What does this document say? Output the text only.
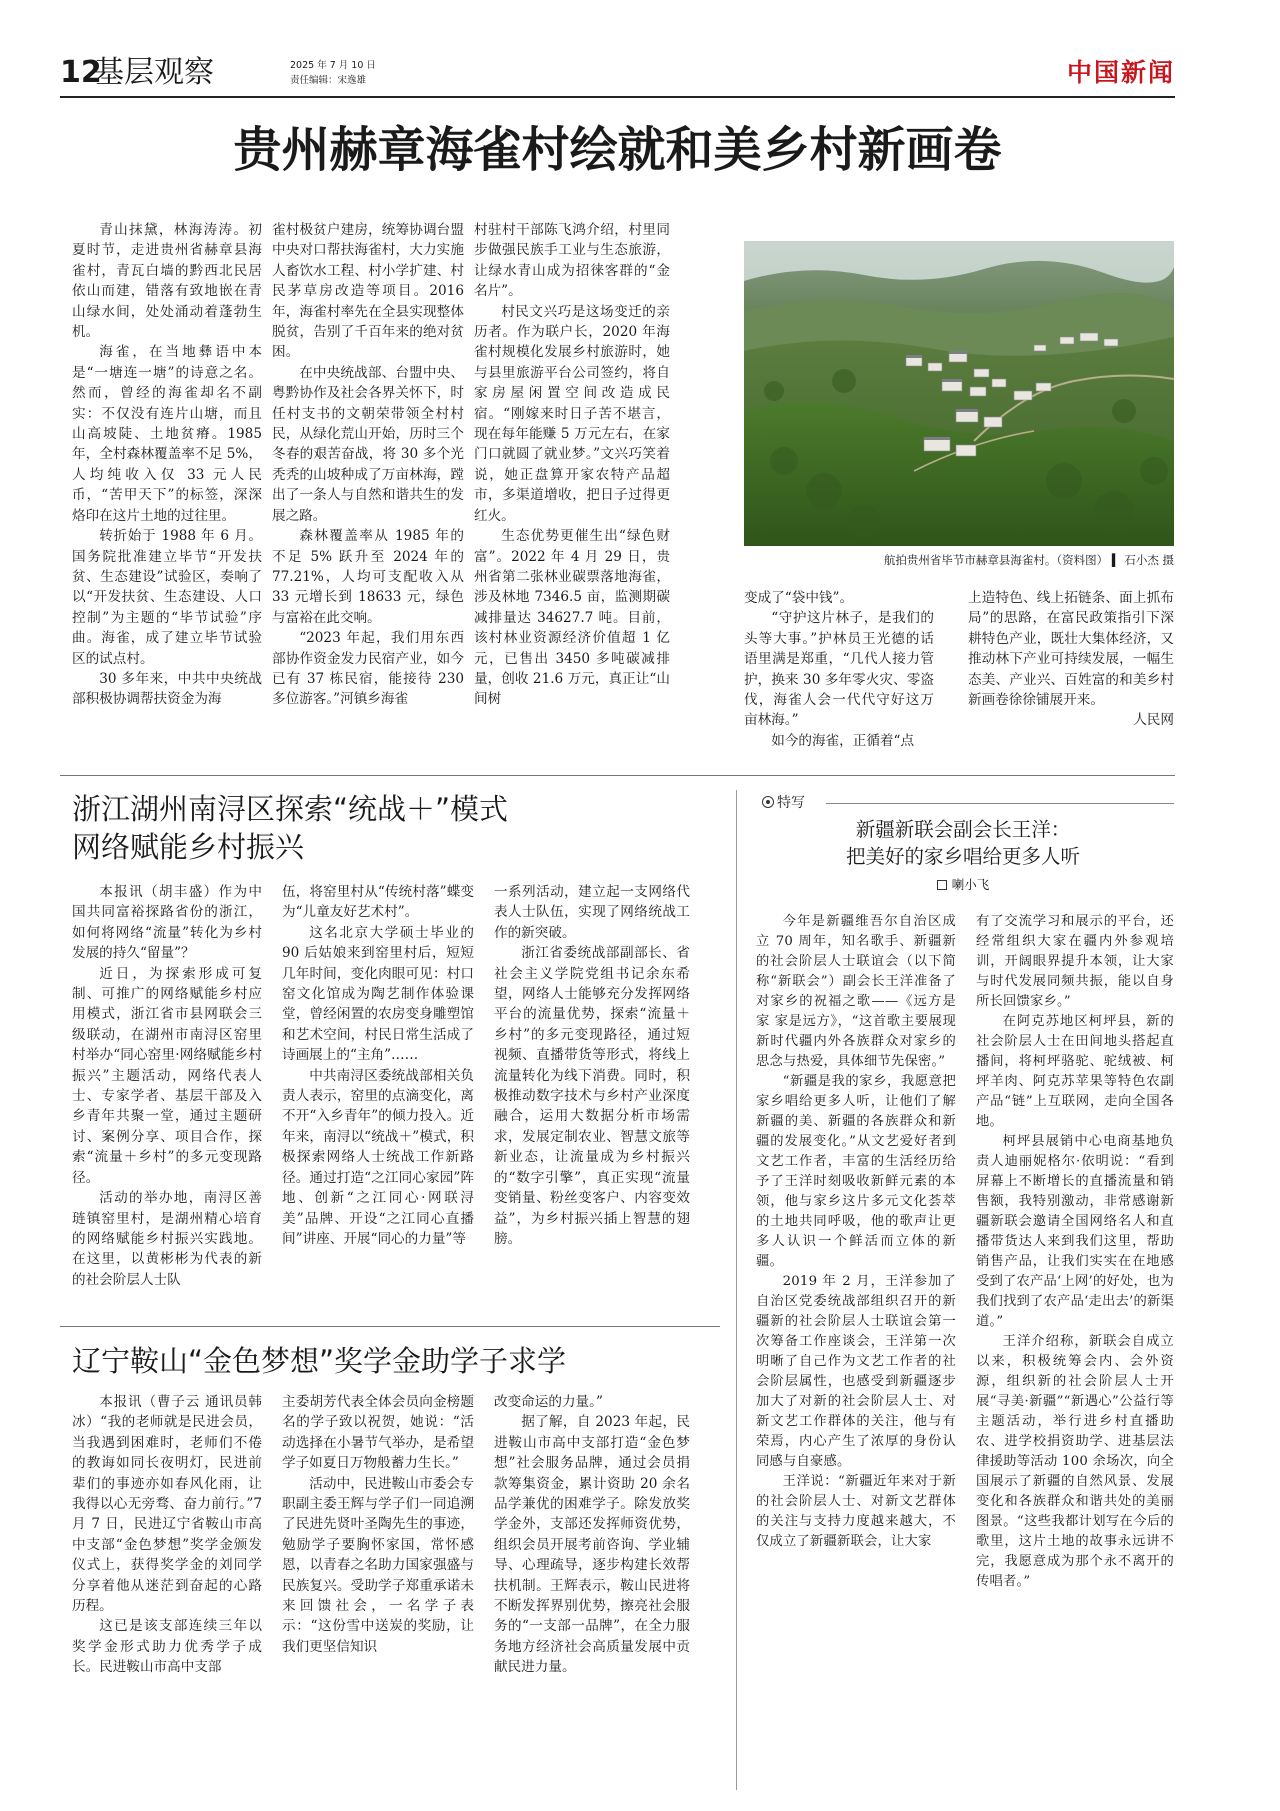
12
基层观察	2025 年 7 月 10 日
责任编辑：宋逸雄	中国新闻
贵州赫章海雀村绘就和美乡村新画卷

青山抹黛，林海涛涛。初夏时节，走进贵州省赫章县海雀村，青瓦白墙的黔西北民居依山而建，错落有致地嵌在青山绿水间，处处涌动着蓬勃生机。

海雀，在当地彝语中本是“一塘连一塘”的诗意之名。然而，曾经的海雀却名不副实：不仅没有连片山塘，而且山高坡陡、土地贫瘠。1985 年，全村森林覆盖率不足 5%，人均纯收入仅 33 元人民币，“苦甲天下”的标签，深深烙印在这片土地的过往里。

转折始于 1988 年 6 月。国务院批准建立毕节“开发扶贫、生态建设”试验区，奏响了以“开发扶贫、生态建设、人口控制”为主题的“毕节试验”序曲。海雀，成了建立毕节试验区的试点村。

30 多年来，中共中央统战部积极协调帮扶资金为海

雀村极贫户建房，统筹协调台盟中央对口帮扶海雀村，大力实施人畜饮水工程、村小学扩建、村民茅草房改造等项目。2016 年，海雀村率先在全县实现整体脱贫，告别了千百年来的绝对贫困。

在中央统战部、台盟中央、粤黔协作及社会各界关怀下，时任村支书的文朝荣带领全村村民，从绿化荒山开始，历时三个冬春的艰苦奋战，将 30 多个光秃秃的山坡种成了万亩林海，蹚出了一条人与自然和谐共生的发展之路。

森林覆盖率从 1985 年的不足 5% 跃升至 2024 年的 77.21%，人均可支配收入从 33 元增长到 18633 元，绿色与富裕在此交响。

“2023 年起，我们用东西部协作资金发力民宿产业，如今已有 37 栋民宿，能接待 230 多位游客。”河镇乡海雀

村驻村干部陈飞鸿介绍，村里同步做强民族手工业与生态旅游，让绿水青山成为招徕客群的“金名片”。

村民文兴巧是这场变迁的亲历者。作为联户长，2020 年海雀村规模化发展乡村旅游时，她与县里旅游平台公司签约，将自家房屋闲置空间改造成民宿。“刚嫁来时日子苦不堪言，现在每年能赚 5 万元左右，在家门口就圆了就业梦。”文兴巧笑着说，她正盘算开家农特产品超市，多渠道增收，把日子过得更红火。

生态优势更催生出“绿色财富”。2022 年 4 月 29 日，贵州省第二张林业碳票落地海雀，涉及林地 7346.5 亩，监测期碳减排量达 34627.7 吨。目前，该村林业资源经济价值超 1 亿元，已售出 3450 多吨碳减排量，创收 21.6 万元，真正让“山间树

航拍贵州省毕节市赫章县海雀村。（资料图） ▍ 石小杰 摄

变成了“袋中钱”。

“守护这片林子，是我们的头等大事。”护林员王光德的话语里满是郑重，“几代人接力管护，换来 30 多年零火灾、零盗伐，海雀人会一代代守好这万亩林海。”

如今的海雀，正循着“点

上造特色、线上拓链条、面上抓布局”的思路，在富民政策指引下深耕特色产业，既壮大集体经济，又推动林下产业可持续发展，一幅生态美、产业兴、百姓富的和美乡村新画卷徐徐铺展开来。

人民网

浙江湖州南浔区探索“统战＋”模式
网络赋能乡村振兴

本报讯（胡丰盛）作为中国共同富裕探路省份的浙江，如何将网络“流量”转化为乡村发展的持久“留量”？

近日，为探索形成可复制、可推广的网络赋能乡村应用模式，浙江省市县网联会三级联动，在湖州市南浔区窑里村举办“同心窑里·网络赋能乡村振兴”主题活动，网络代表人士、专家学者、基层干部及入乡青年共聚一堂，通过主题研讨、案例分享、项目合作，探索“流量＋乡村”的多元变现路径。

活动的举办地，南浔区善琏镇窑里村，是湖州精心培育的网络赋能乡村振兴实践地。在这里，以黄彬彬为代表的新的社会阶层人士队

伍，将窑里村从“传统村落”蝶变为“儿童友好艺术村”。

这名北京大学硕士毕业的 90 后姑娘来到窑里村后，短短几年时间，变化肉眼可见：村口窑文化馆成为陶艺制作体验课堂，曾经闲置的农房变身雕塑馆和艺术空间，村民日常生活成了诗画展上的“主角”……

中共南浔区委统战部相关负责人表示，窑里的点滴变化，离不开“入乡青年”的倾力投入。近年来，南浔以“统战＋”模式，积极探索网络人士统战工作新路径。通过打造“之江同心家园”阵地、创新“之江同心·网联浔美”品牌、开设“之江同心直播间”讲座、开展“同心的力量”等

一系列活动，建立起一支网络代表人士队伍，实现了网络统战工作的新突破。

浙江省委统战部副部长、省社会主义学院党组书记余东希望，网络人士能够充分发挥网络平台的流量优势，探索“流量＋乡村”的多元变现路径，通过短视频、直播带货等形式，将线上流量转化为线下消费。同时，积极推动数字技术与乡村产业深度融合，运用大数据分析市场需求，发展定制农业、智慧文旅等新业态，让流量成为乡村振兴的“数字引擎”，真正实现“流量变销量、粉丝变客户、内容变效益”，为乡村振兴插上智慧的翅膀。

辽宁鞍山“金色梦想”奖学金助学子求学

本报讯（曹子云 通讯员韩冰）“我的老师就是民进会员，当我遇到困难时，老师们不倦的教诲如同长夜明灯，民进前辈们的事迹亦如春风化雨，让我得以心无旁骛、奋力前行。”7 月 7 日，民进辽宁省鞍山市高中支部“金色梦想”奖学金颁发仪式上，获得奖学金的刘同学分享着他从迷茫到奋起的心路历程。

这已是该支部连续三年以奖学金形式助力优秀学子成长。民进鞍山市高中支部

主委胡芳代表全体会员向金榜题名的学子致以祝贺，她说：“活动选择在小暑节气举办，是希望学子如夏日万物般蓄力生长。”

活动中，民进鞍山市委会专职副主委王辉与学子们一同追溯了民进先贤叶圣陶先生的事迹，勉励学子要胸怀家国，常怀感恩，以青春之名助力国家强盛与民族复兴。受助学子郑重承诺未来回馈社会，一名学子表示：“这份雪中送炭的奖励，让我们更坚信知识

改变命运的力量。”

据了解，自 2023 年起，民进鞍山市高中支部打造“金色梦想”社会服务品牌，通过会员捐款筹集资金，累计资助 20 余名品学兼优的困难学子。除发放奖学金外，支部还发挥师资优势，组织会员开展考前咨询、学业辅导、心理疏导，逐步构建长效帮扶机制。王辉表示，鞍山民进将不断发挥界别优势，擦亮社会服务的“一支部一品牌”，在全力服务地方经济社会高质量发展中贡献民进力量。

特写
新疆新联会副会长王洋：
把美好的家乡唱给更多人听
喇小飞

今年是新疆维吾尔自治区成立 70 周年，知名歌手、新疆新的社会阶层人士联谊会（以下简称“新联会”）副会长王洋准备了对家乡的祝福之歌——《远方是家 家是远方》，“这首歌主要展现新时代疆内外各族群众对家乡的思念与热爱，具体细节先保密。”

“新疆是我的家乡，我愿意把家乡唱给更多人听，让他们了解新疆的美、新疆的各族群众和新疆的发展变化。”从文艺爱好者到文艺工作者，丰富的生活经历给予了王洋时刻吸收新鲜元素的本领，他与家乡这片多元文化荟萃的土地共同呼吸，他的歌声让更多人认识一个鲜活而立体的新疆。

2019 年 2 月，王洋参加了自治区党委统战部组织召开的新疆新的社会阶层人士联谊会第一次筹备工作座谈会，王洋第一次明晰了自己作为文艺工作者的社会阶层属性，也感受到新疆逐步加大了对新的社会阶层人士、对新文艺工作群体的关注，他与有荣焉，内心产生了浓厚的身份认同感与自豪感。

王洋说：“新疆近年来对于新的社会阶层人士、对新文艺群体的关注与支持力度越来越大，不仅成立了新疆新联会，让大家

有了交流学习和展示的平台，还经常组织大家在疆内外参观培训，开阔眼界提升本领，让大家与时代发展同频共振，能以自身所长回馈家乡。”

在阿克苏地区柯坪县，新的社会阶层人士在田间地头搭起直播间，将柯坪骆驼、驼绒被、柯坪羊肉、阿克苏苹果等特色农副产品“链”上互联网，走向全国各地。

柯坪县展销中心电商基地负责人迪丽妮格尔·依明说：“看到屏幕上不断增长的直播流量和销售额，我特别激动，非常感谢新疆新联会邀请全国网络名人和直播带货达人来到我们这里，帮助销售产品，让我们实实在在地感受到了农产品‘上网’的好处，也为我们找到了农产品‘走出去’的新渠道。”

王洋介绍称，新联会自成立以来，积极统筹会内、会外资源，组织新的社会阶层人士开展“寻美·新疆”“新遇心”公益行等主题活动，举行进乡村直播助农、进学校捐资助学、进基层法律援助等活动 100 余场次，向全国展示了新疆的自然风景、发展变化和各族群众和谐共处的美丽图景。“这些我都计划写在今后的歌里，这片土地的故事永远讲不完，我愿意成为那个永不离开的传唱者。”
